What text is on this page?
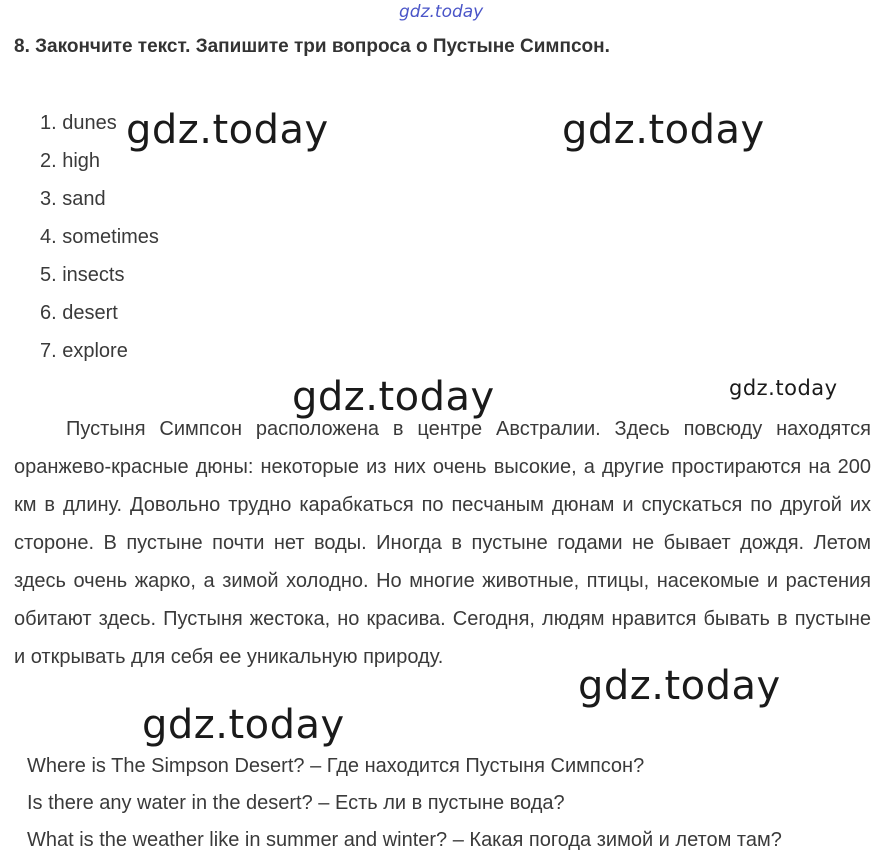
gdz.today
8. Закончите текст. Запишите три вопроса о Пустыне Симпсон.
1. dunes
2. high
3. sand
4. sometimes
5. insects
6. desert
7. explore
Пустыня Симпсон расположена в центре Австралии. Здесь повсюду находятся оранжево-красные дюны: некоторые из них очень высокие, а другие простираются на 200 км в длину. Довольно трудно карабкаться по песчаным дюнам и спускаться по другой их стороне. В пустыне почти нет воды. Иногда в пустыне годами не бывает дождя. Летом здесь очень жарко, а зимой холодно. Но многие животные, птицы, насекомые и растения обитают здесь. Пустыня жестока, но красива. Сегодня, людям нравится бывать в пустыне и открывать для себя ее уникальную природу.
Where is The Simpson Desert? – Где находится Пустыня Симпсон?
Is there any water in the desert? – Есть ли в пустыне вода?
What is the weather like in summer and winter? – Какая погода зимой и летом там?
gdz.today	gdz.today
gdz.today	gdz.today
gdz.today
gdz.today
